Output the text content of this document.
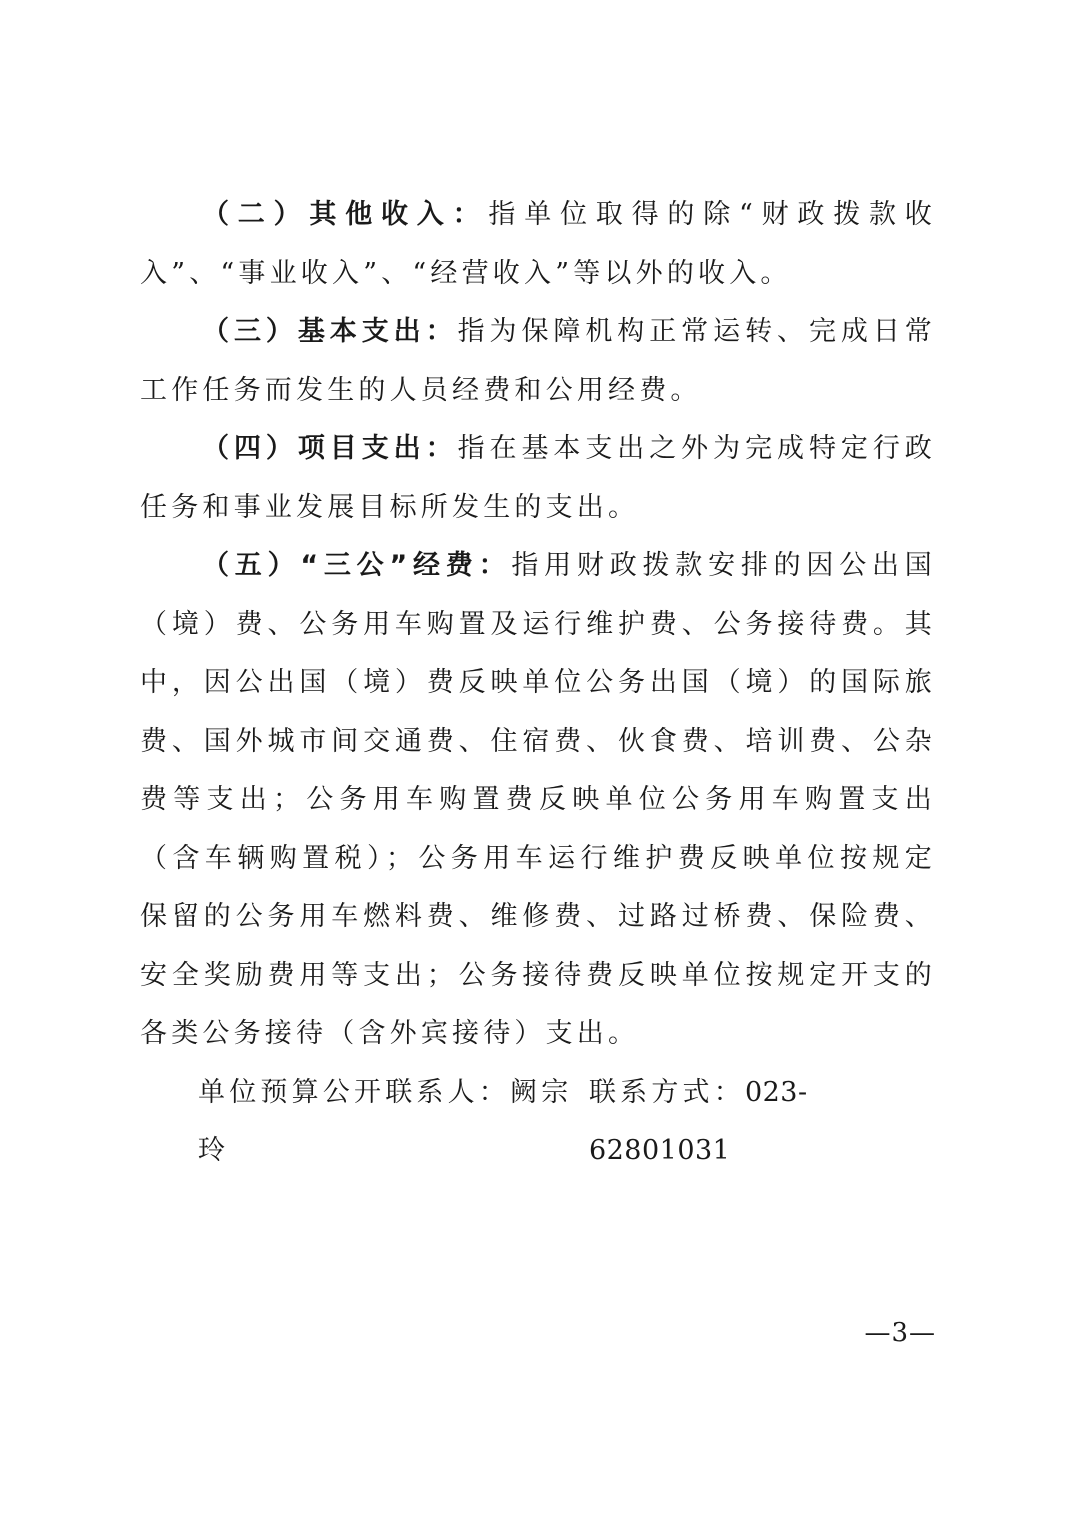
（二）其他收入：指单位取得的除“财政拨款收入”、“事业收入”、“经营收入”等以外的收入。

（三）基本支出：指为保障机构正常运转、完成日常工作任务而发生的人员经费和公用经费。

（四）项目支出：指在基本支出之外为完成特定行政任务和事业发展目标所发生的支出。

（五）“三公”经费：指用财政拨款安排的因公出国（境）费、公务用车购置及运行维护费、公务接待费。其中，因公出国（境）费反映单位公务出国（境）的国际旅费、国外城市间交通费、住宿费、伙食费、培训费、公杂费等支出；公务用车购置费反映单位公务用车购置支出（含车辆购置税）；公务用车运行维护费反映单位按规定保留的公务用车燃料费、维修费、过路过桥费、保险费、安全奖励费用等支出；公务接待费反映单位按规定开支的各类公务接待（含外宾接待）支出。

单位预算公开联系人：阙宗玲
联系方式：023-62801031

—3—
